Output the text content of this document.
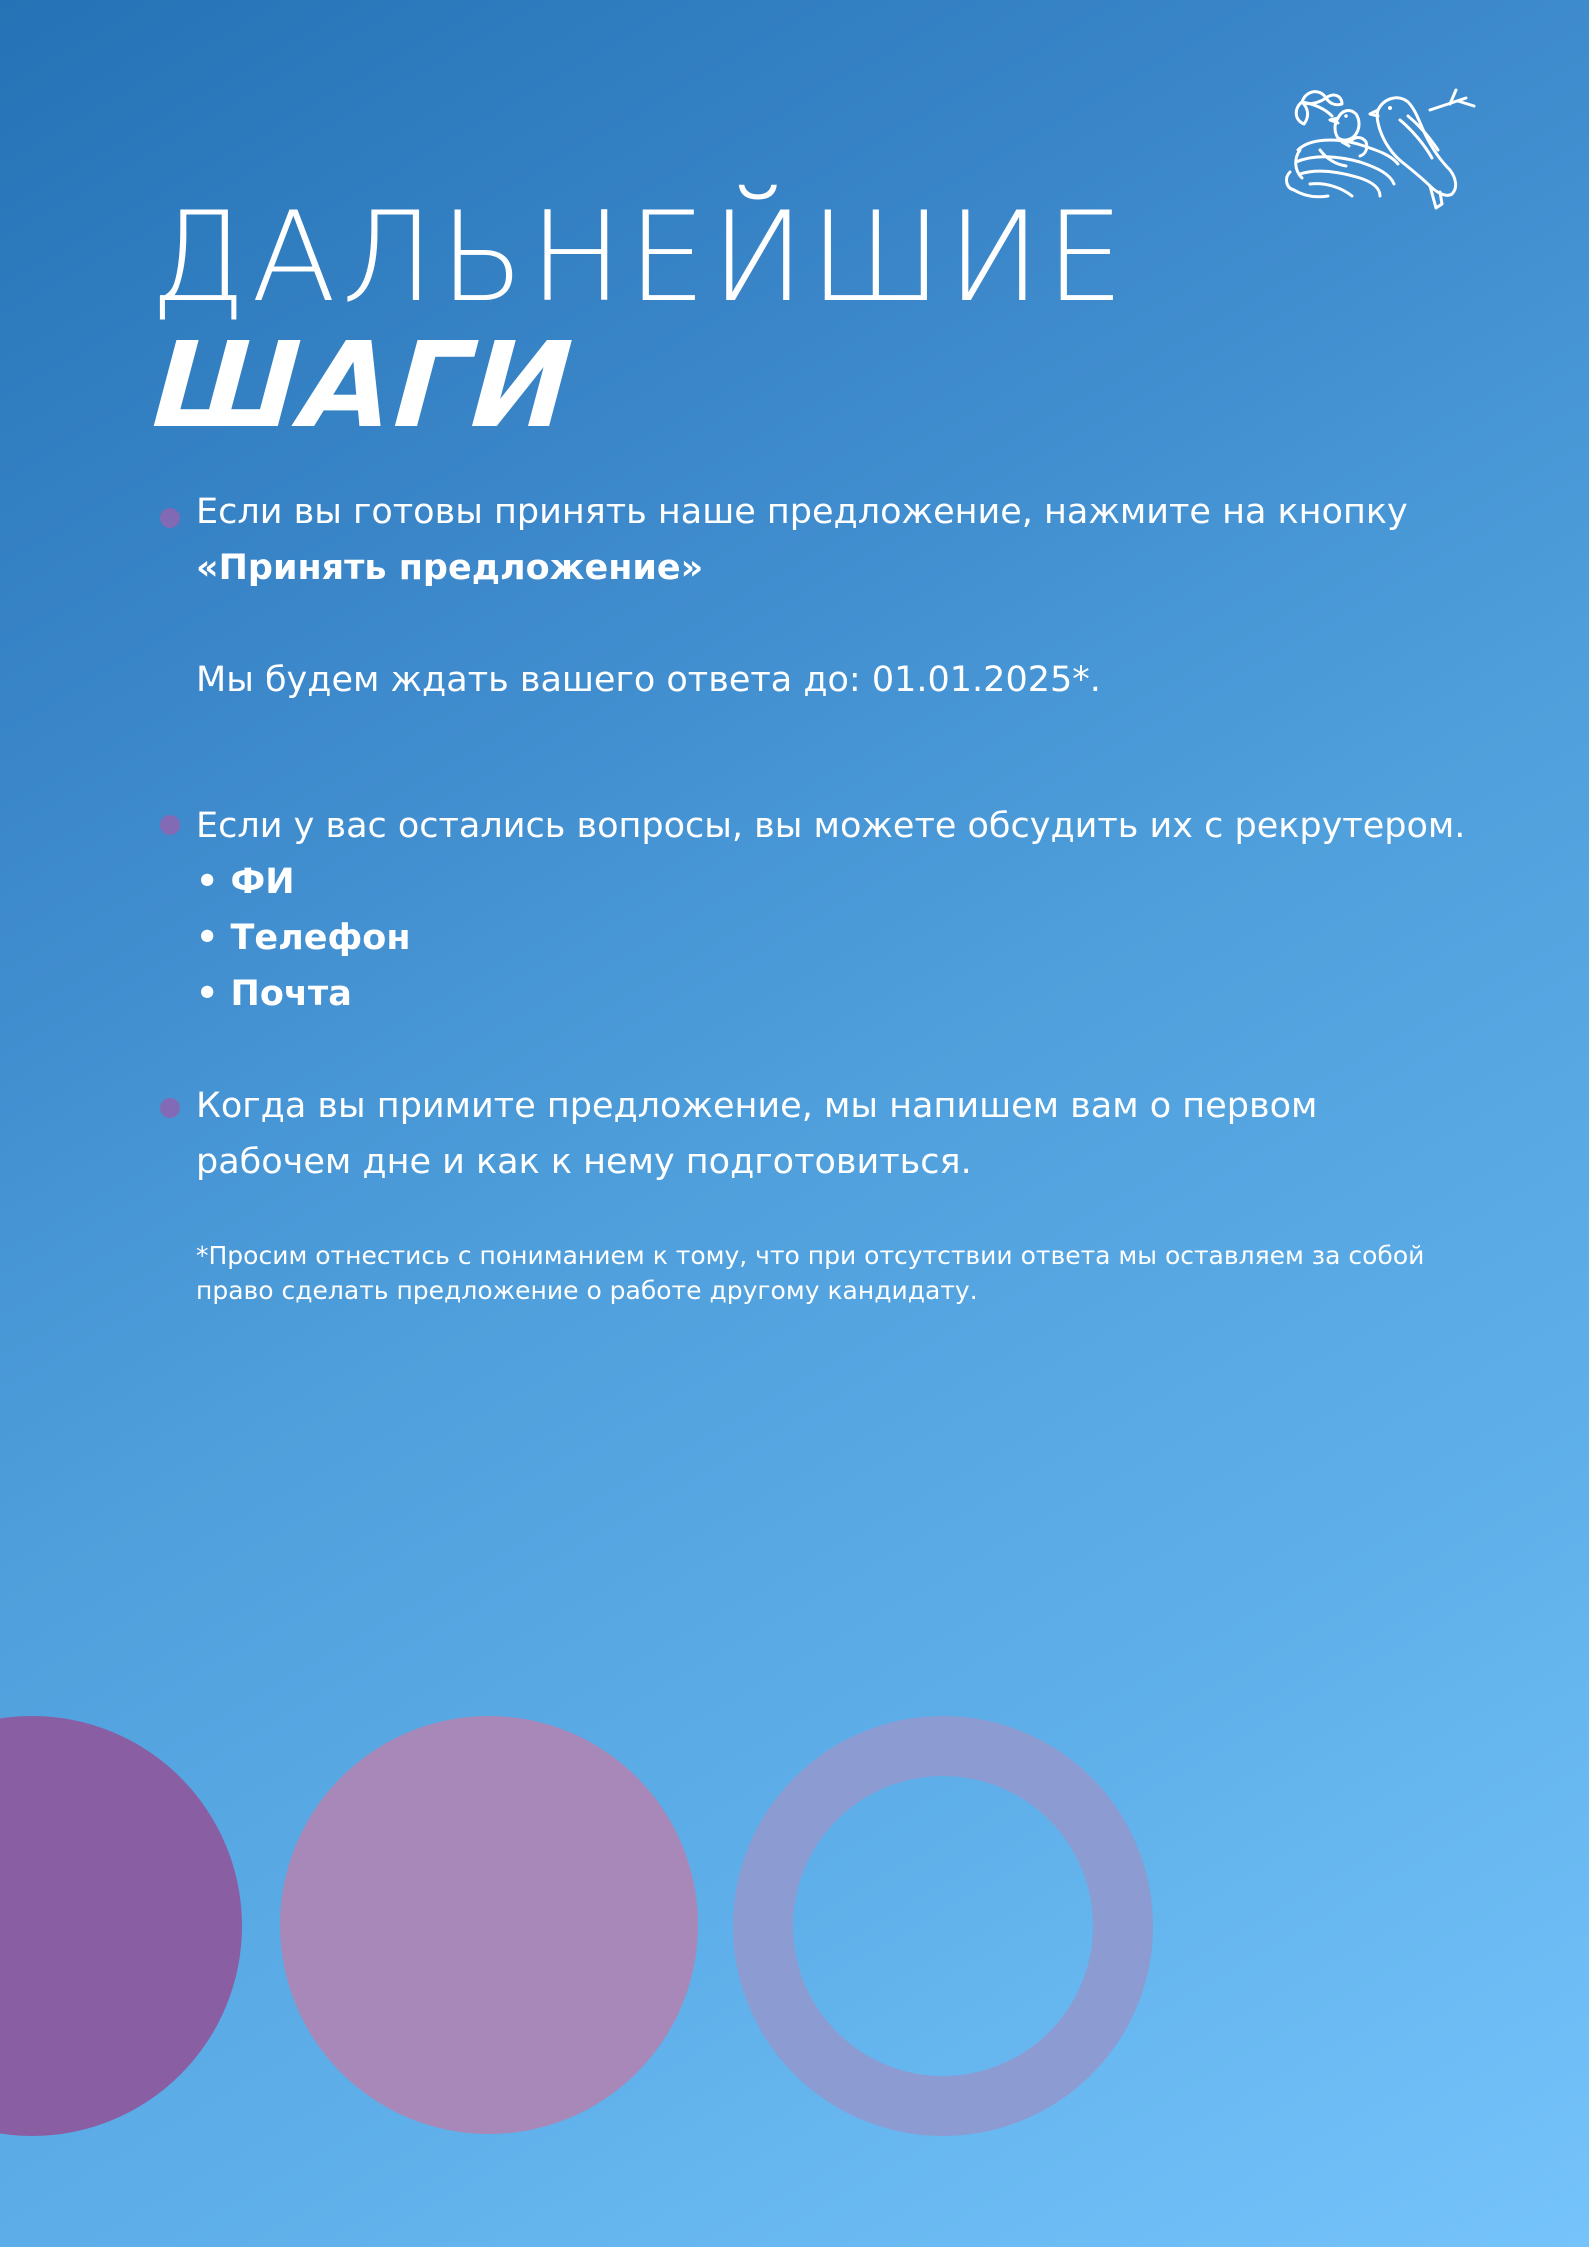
ДАЛЬНЕЙШИЕ
ШАГИ

Если вы готовы принять наше предложение, нажмите на кнопку

«Принять предложение»

Мы будем ждать вашего ответа до: 01.01.2025*.

Если у вас остались вопросы, вы можете обсудить их с рекрутером.

• ФИ

• Телефон

• Почта

Когда вы примите предложение, мы напишем вам о первом

рабочем дне и как к нему подготовиться.

*Просим отнестись с пониманием к тому, что при отсутствии ответа мы оставляем за собой
право сделать предложение о работе другому кандидату.
